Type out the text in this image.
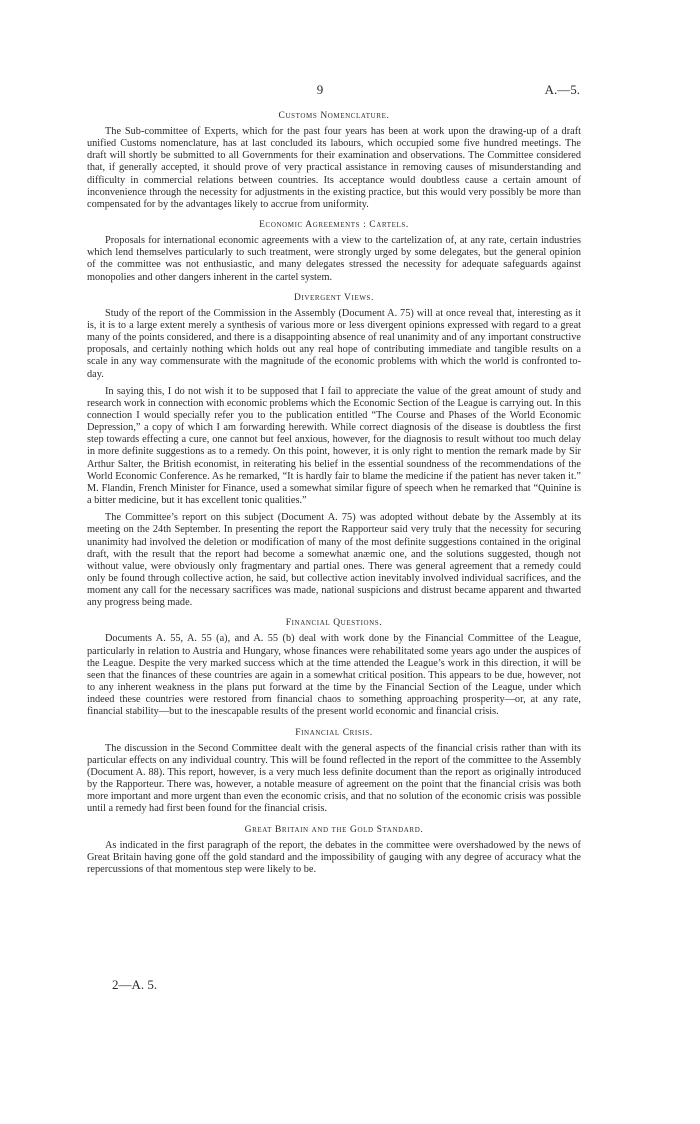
9	A.—5.
Customs Nomenclature.

The Sub-committee of Experts, which for the past four years has been at work upon the drawing-up of a draft unified Customs nomenclature, has at last concluded its labours, which occupied some five hundred meetings. The draft will shortly be submitted to all Governments for their examination and observations. The Committee considered that, if generally accepted, it should prove of very practical assistance in removing causes of misunderstanding and difficulty in commercial relations between countries. Its acceptance would doubtless cause a certain amount of inconvenience through the necessity for adjustments in the existing practice, but this would very possibly be more than compensated for by the advantages likely to accrue from uniformity.

Economic Agreements : Cartels.

Proposals for international economic agreements with a view to the cartelization of, at any rate, certain industries which lend themselves particularly to such treatment, were strongly urged by some delegates, but the general opinion of the committee was not enthusiastic, and many delegates stressed the necessity for adequate safeguards against monopolies and other dangers inherent in the cartel system.

Divergent Views.

Study of the report of the Commission in the Assembly (Document A. 75) will at once reveal that, interesting as it is, it is to a large extent merely a synthesis of various more or less divergent opinions expressed with regard to a great many of the points considered, and there is a disappointing absence of real unanimity and of any important constructive proposals, and certainly nothing which holds out any real hope of contributing immediate and tangible results on a scale in any way commensurate with the magnitude of the economic problems with which the world is confronted to-day.

In saying this, I do not wish it to be supposed that I fail to appreciate the value of the great amount of study and research work in connection with economic problems which the Economic Section of the League is carrying out. In this connection I would specially refer you to the publication entitled “The Course and Phases of the World Economic Depression,” a copy of which I am forwarding herewith. While correct diagnosis of the disease is doubtless the first step towards effecting a cure, one cannot but feel anxious, however, for the diagnosis to result without too much delay in more definite suggestions as to a remedy. On this point, however, it is only right to mention the remark made by Sir Arthur Salter, the British economist, in reiterating his belief in the essential soundness of the recommendations of the World Economic Conference. As he remarked, “It is hardly fair to blame the medicine if the patient has never taken it.” M. Flandin, French Minister for Finance, used a somewhat similar figure of speech when he remarked that “Quinine is a bitter medicine, but it has excellent tonic qualities.”

The Committee’s report on this subject (Document A. 75) was adopted without debate by the Assembly at its meeting on the 24th September. In presenting the report the Rapporteur said very truly that the necessity for securing unanimity had involved the deletion or modification of many of the most definite suggestions contained in the original draft, with the result that the report had become a somewhat anæmic one, and the solutions suggested, though not without value, were obviously only fragmentary and partial ones. There was general agreement that a remedy could only be found through collective action, he said, but collective action inevitably involved individual sacrifices, and the moment any call for the necessary sacrifices was made, national suspicions and distrust became apparent and thwarted any progress being made.

Financial Questions.

Documents A. 55, A. 55 (a), and A. 55 (b) deal with work done by the Financial Committee of the League, particularly in relation to Austria and Hungary, whose finances were rehabilitated some years ago under the auspices of the League. Despite the very marked success which at the time attended the League’s work in this direction, it will be seen that the finances of these countries are again in a somewhat critical position. This appears to be due, however, not to any inherent weakness in the plans put forward at the time by the Financial Section of the League, under which indeed these countries were restored from financial chaos to something approaching prosperity—or, at any rate, financial stability—but to the inescapable results of the present world economic and financial crisis.

Financial Crisis.

The discussion in the Second Committee dealt with the general aspects of the financial crisis rather than with its particular effects on any individual country. This will be found reflected in the report of the committee to the Assembly (Document A. 88). This report, however, is a very much less definite document than the report as originally introduced by the Rapporteur. There was, however, a notable measure of agreement on the point that the financial crisis was both more important and more urgent than even the economic crisis, and that no solution of the economic crisis was possible until a remedy had first been found for the financial crisis.

Great Britain and the Gold Standard.

As indicated in the first paragraph of the report, the debates in the committee were overshadowed by the news of Great Britain having gone off the gold standard and the impossibility of gauging with any degree of accuracy what the repercussions of that momentous step were likely to be.

2—A. 5.
